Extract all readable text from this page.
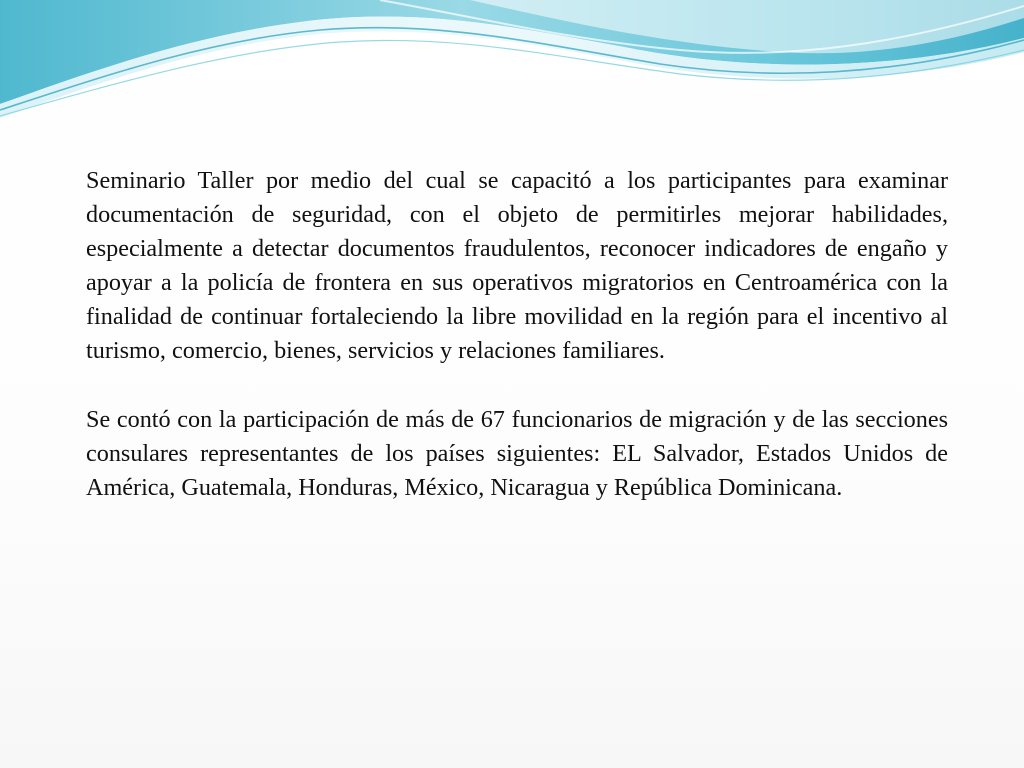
Seminario Taller por medio del cual se capacitó a los participantes para examinar documentación de seguridad, con el objeto de permitirles mejorar habilidades, especialmente a detectar documentos fraudulentos, reconocer indicadores de engaño y apoyar a la policía de frontera en sus operativos migratorios en Centroamérica con la finalidad de continuar fortaleciendo la libre movilidad en la región para el incentivo al turismo, comercio, bienes, servicios y relaciones familiares.

Se contó con la participación de más de 67 funcionarios de migración y de las secciones consulares representantes de los países siguientes: EL Salvador, Estados Unidos de América, Guatemala, Honduras, México, Nicaragua y República Dominicana.
